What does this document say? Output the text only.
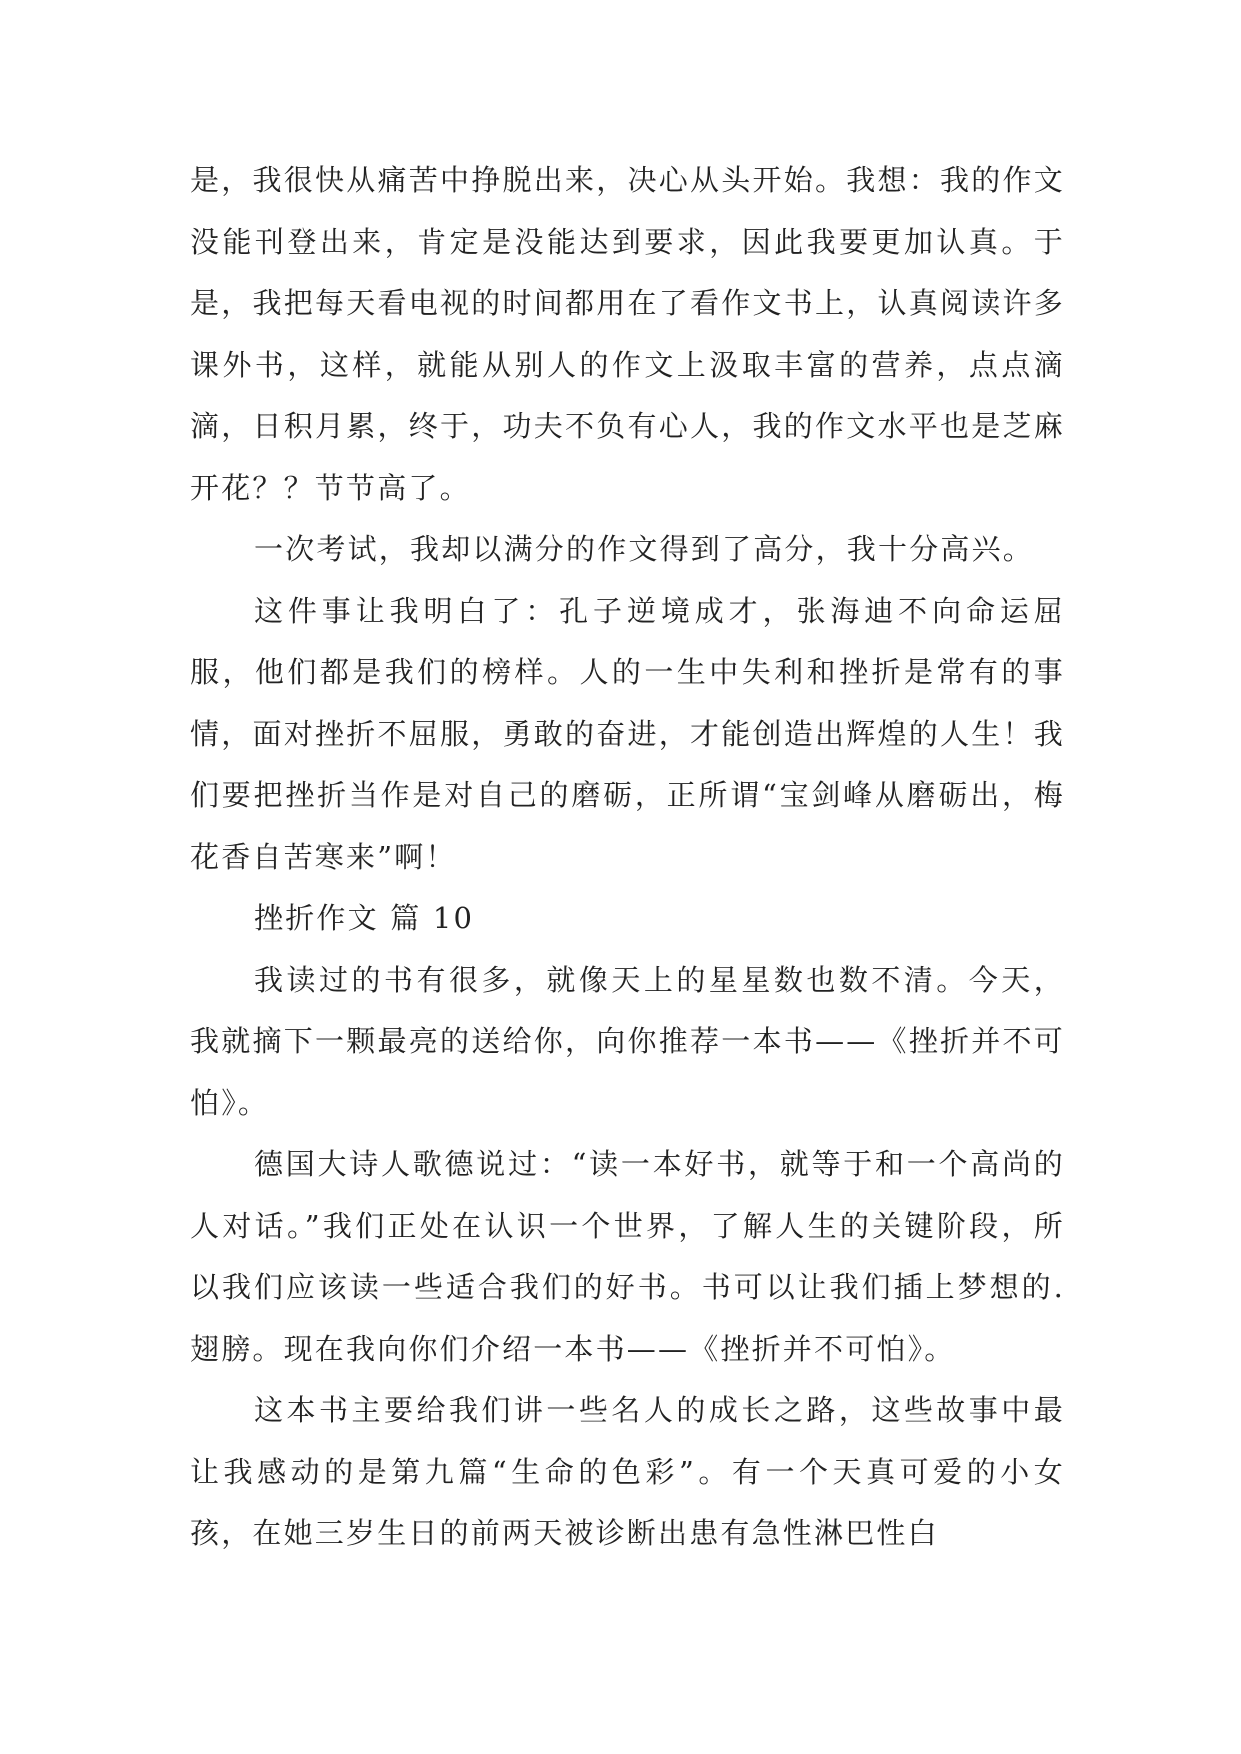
是，我很快从痛苦中挣脱出来，决心从头开始。我想：我的作文没能刊登出来，肯定是没能达到要求，因此我要更加认真。于是，我把每天看电视的时间都用在了看作文书上，认真阅读许多课外书，这样，就能从别人的作文上汲取丰富的营养，点点滴滴，日积月累，终于，功夫不负有心人，我的作文水平也是芝麻开花？？节节高了。

一次考试，我却以满分的作文得到了高分，我十分高兴。

这件事让我明白了：孔子逆境成才，张海迪不向命运屈服，他们都是我们的榜样。人的一生中失利和挫折是常有的事情，面对挫折不屈服，勇敢的奋进，才能创造出辉煌的人生！我们要把挫折当作是对自己的磨砺，正所谓“宝剑峰从磨砺出，梅花香自苦寒来”啊！

挫折作文 篇 10

我读过的书有很多，就像天上的星星数也数不清。今天，我就摘下一颗最亮的送给你，向你推荐一本书——《挫折并不可怕》。

德国大诗人歌德说过：“读一本好书，就等于和一个高尚的人对话。”我们正处在认识一个世界，了解人生的关键阶段，所以我们应该读一些适合我们的好书。书可以让我们插上梦想的. 翅膀。现在我向你们介绍一本书——《挫折并不可怕》。

这本书主要给我们讲一些名人的成长之路，这些故事中最让我感动的是第九篇“生命的色彩”。有一个天真可爱的小女孩，在她三岁生日的前两天被诊断出患有急性淋巴性白
